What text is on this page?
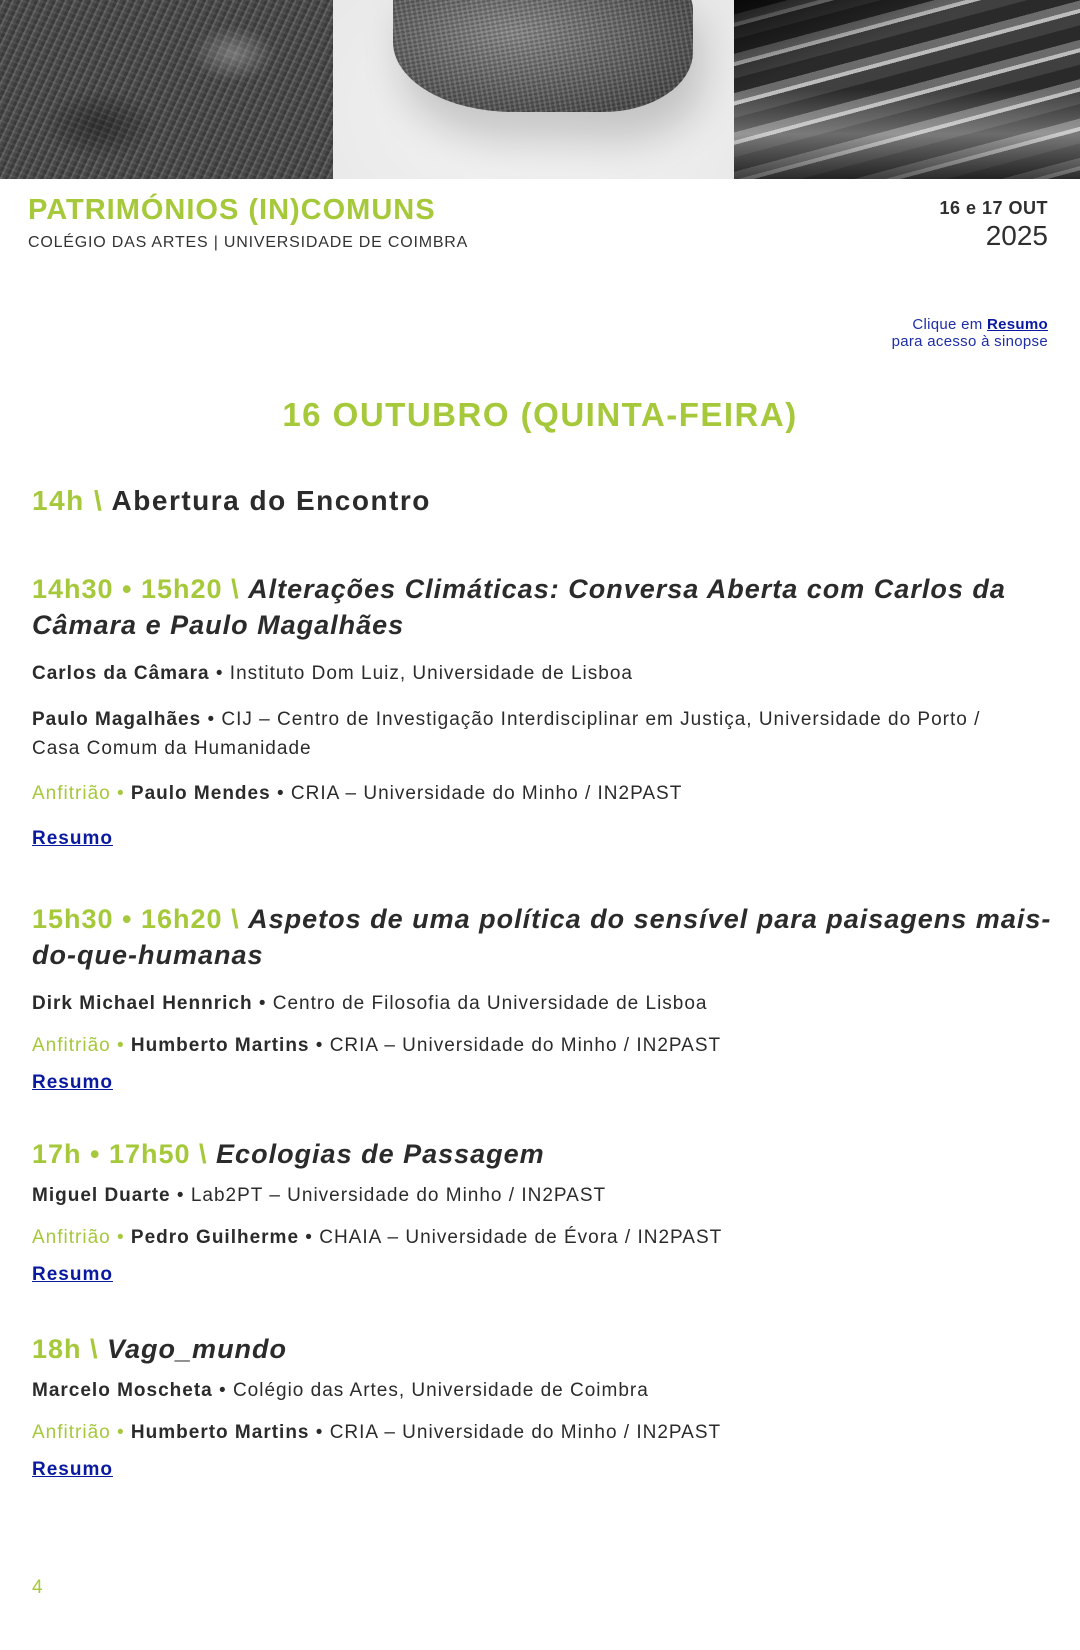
PATRIMÓNIOS (IN)COMUNS
COLÉGIO DAS ARTES | UNIVERSIDADE DE COIMBRA
16 e 17 OUT
2025
Clique em Resumo
para acesso à sinopse
16 OUTUBRO (QUINTA-FEIRA)
14h \ Abertura do Encontro
14h30 • 15h20 \ Alterações Climáticas: Conversa Aberta com Carlos da Câmara e Paulo Magalhães
Carlos da Câmara • Instituto Dom Luiz, Universidade de Lisboa
Paulo Magalhães • CIJ – Centro de Investigação Interdisciplinar em Justiça, Universidade do Porto / Casa Comum da Humanidade
Anfitrião • Paulo Mendes • CRIA – Universidade do Minho / IN2PAST
Resumo
15h30 • 16h20 \ Aspetos de uma política do sensível para paisagens mais-do-que-humanas
Dirk Michael Hennrich • Centro de Filosofia da Universidade de Lisboa
Anfitrião • Humberto Martins • CRIA – Universidade do Minho / IN2PAST
Resumo
17h • 17h50 \ Ecologias de Passagem
Miguel Duarte • Lab2PT – Universidade do Minho / IN2PAST
Anfitrião • Pedro Guilherme • CHAIA – Universidade de Évora / IN2PAST
Resumo
18h \ Vago_mundo
Marcelo Moscheta • Colégio das Artes, Universidade de Coimbra
Anfitrião • Humberto Martins • CRIA – Universidade do Minho / IN2PAST
Resumo
4
